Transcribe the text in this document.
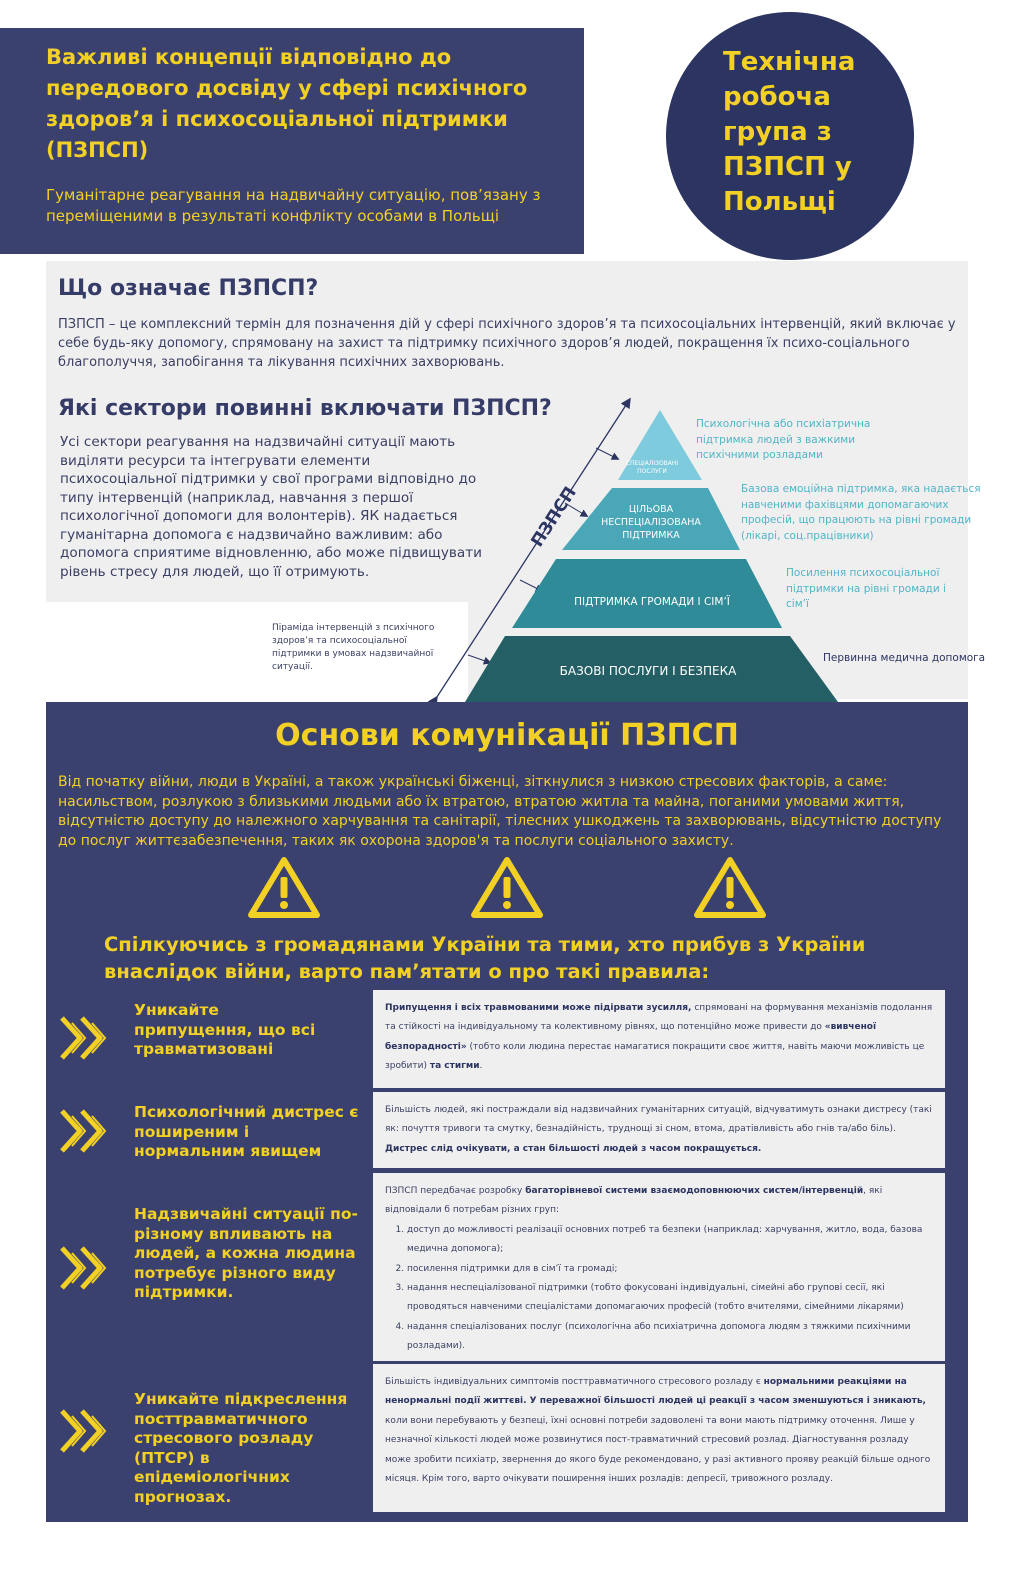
Важливі концепції відповідно до передового досвіду у сфері психічного здоров’я і психосоціальної підтримки (ПЗПСП)
Гуманітарне реагування на надвичайну ситуацію, пов’язану з переміщеними в результаті конфлікту особами в Польщі
Технічна робоча група з ПЗПСП у Польщі
Що означає ПЗПСП?
ПЗПСП – це комплексний термін для позначення дій у сфері психічного здоров’я та психосоціальних інтервенцій, який включає у себе будь-яку допомогу, спрямовану на захист та підтримку психічного здоров’я людей, покращення їх психо-соціального благополуччя, запобігання та лікування психічних захворювань.
Які сектори повинні включати ПЗПСП?
Усі сектори реагування на надзвичайні ситуації мають виділяти ресурси та інтегрувати елементи психосоціальної підтримки у свої програми відповідно до типу інтервенцій (наприклад, навчання з першої психологічної допомоги для волонтерів). ЯК надається гуманітарна допомога є надзвичайно важливим: або допомога сприятиме відновленню, або може підвищувати рівень стресу для людей, що її отримують.
ПЗПСП
СПЕЦІАЛІЗОВАНІ ПОСЛУГИ
ЦІЛЬОВА НЕСПЕЦІАЛІЗОВАНА ПІДТРИМКА
ПІДТРИМКА ГРОМАДИ І СІМ’Ї
БАЗОВІ ПОСЛУГИ І БЕЗПЕКА
Психологічна або психіатрична підтримка людей з важкими психічними розладами
Базова емоційна підтримка, яка надається навченими фахівцями допомагаючих професій, що працюють на рівні громади (лікарі, соц.працівники)
Посилення психосоціальної підтримки на рівні громади і сім’ї
Первинна медична допомога
Піраміда інтервенцій з психічного здоров’я та психосоціальної підтримки в умовах надзвичайної ситуації.
Основи комунікації ПЗПСП
Від початку війни, люди в Україні, а також українські біженці, зіткнулися з низкою стресових факторів, а саме: насильством, розлукою з близькими людьми або їх втратою, втратою житла та майна, поганими умовами життя, відсутністю доступу до належного харчування та санітарії, тілесних ушкоджень та захворювань, відсутністю доступу до послуг життєзабезпечення, таких як охорона здоров'я та послуги соціального захисту.
Спілкуючись з громадянами України та тими, хто прибув з України внаслідок війни, варто пам’ятати о про такі правила:
Уникайте припущення, що всі травматизовані
Припущення і всіх травмованими може підірвати зусилля, спрямовані на формування механізмів подолання та стійкості на індивідуальному та колективному рівнях, що потенційно може привести до «вивченої безпорадності» (тобто коли людина перестає намагатися покращити своє життя, навіть маючи можливість це зробити) та стигми.
Психологічний дистрес є поширеним і нормальним явищем
Більшість людей, які постраждали від надзвичайних гуманітарних ситуацій, відчуватимуть ознаки дистресу (такі як: почуття тривоги та смутку, безнадійність, труднощі зі сном, втома, дратівливість або гнів та/або біль). Дистрес слід очікувати, а стан більшості людей з часом покращується.
Надзвичайні ситуації по-різному впливають на людей, а кожна людина потребує різного виду підтримки.
ПЗПСП передбачає розробку багаторівневої системи взаємодоповнюючих систем/інтервенцій, які відповідали б потребам різних груп:
1. доступ до можливості реалізації основних потреб та безпеки (наприклад: харчування, житло, вода, базова медична допомога);
2. посилення підтримки для в сім’ї та громаді;
3. надання неспеціалізованої підтримки (тобто фокусовані індивідуальні, сімейні або групові сесії, які проводяться навченими спеціалістами допомагаючих професій (тобто вчителями, сімейними лікарями)
4. надання спеціалізованих послуг (психологічна або психіатрична допомога людям з тяжкими психічними розладами).
Уникайте підкреслення посттравматичного стресового розладу (ПТСР) в епідеміологічних прогнозах.
Більшість індивідуальних симптомів посттравматичного стресового розладу є нормальними реакціями на ненормальні події життєві. У переважної більшості людей ці реакції з часом зменшуються і зникають, коли вони перебувають у безпеці, їхні основні потреби задоволені та вони мають підтримку оточення. Лише у незначної кількості людей може розвинутися пост-травматичний стресовий розлад. Діагностування розладу може зробити психіатр, звернення до якого буде рекомендовано, у разі активного прояву реакцій більше одного місяця. Крім того, варто очікувати поширення інших розладів: депресії, тривожного розладу.
